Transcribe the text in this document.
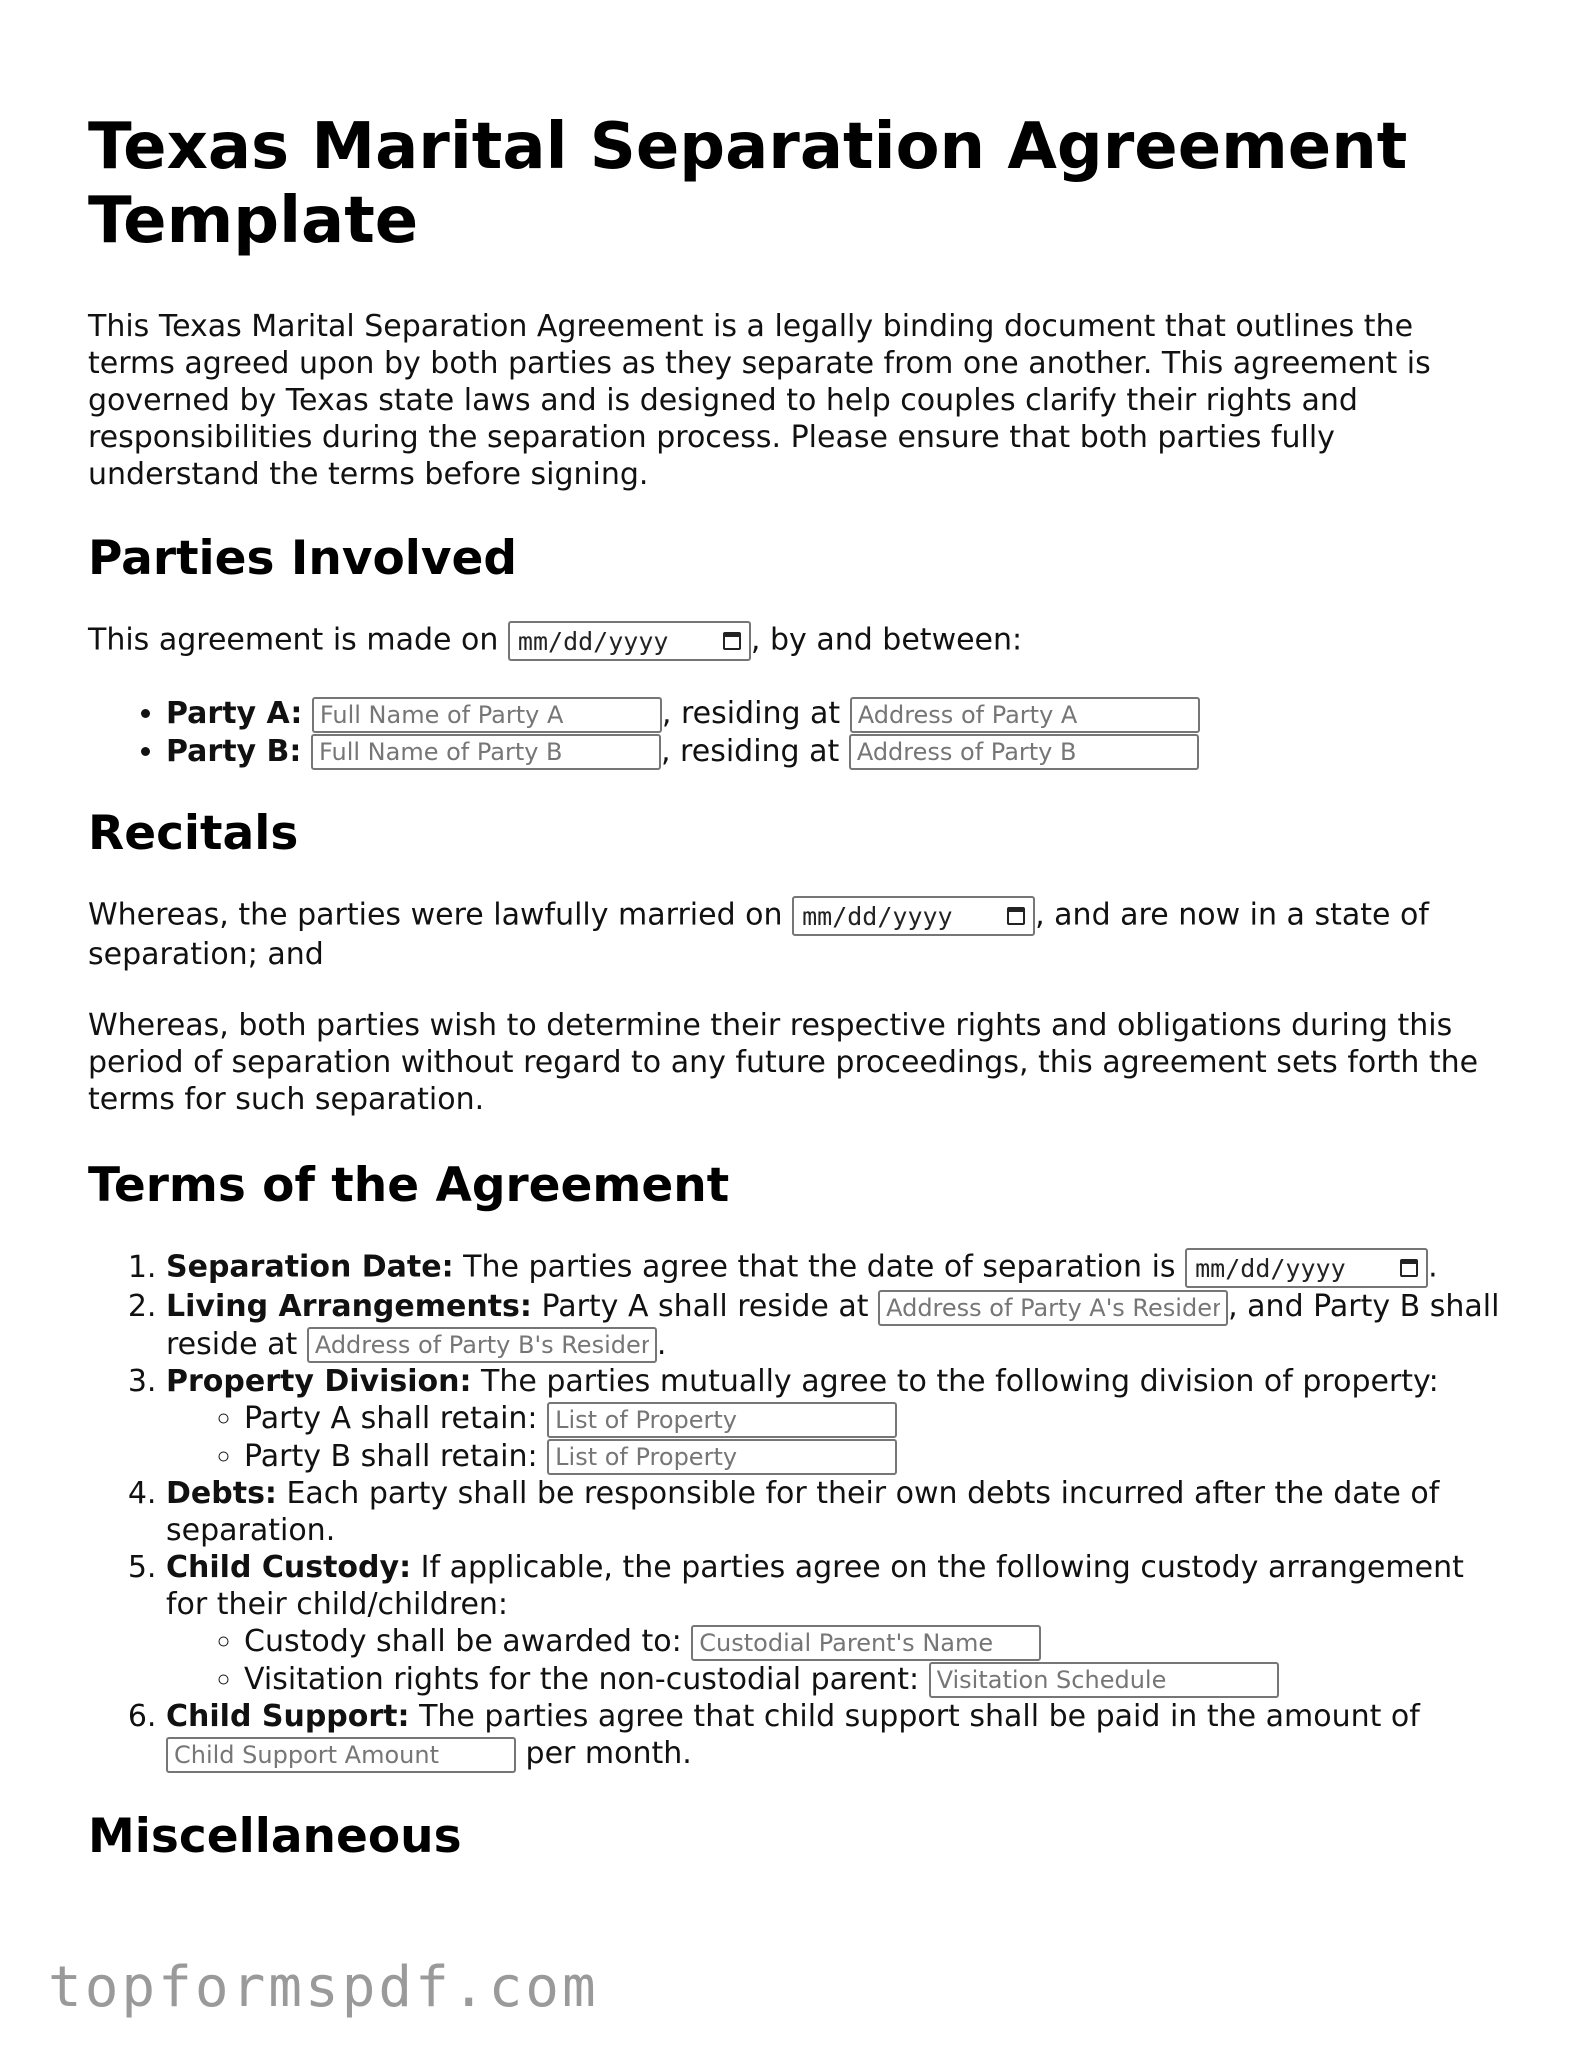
Texas Marital Separation Agreement Template

This Texas Marital Separation Agreement is a legally binding document that outlines the terms agreed upon by both parties as they separate from one another. This agreement is governed by Texas state laws and is designed to help couples clarify their rights and responsibilities during the separation process. Please ensure that both parties fully understand the terms before signing.

Parties Involved

This agreement is made on mm/dd/yyyy	, by and between:

• Party A: Full Name of Party A	, residing at Address of Party A
• Party B: Full Name of Party B	, residing at Address of Party B
Recitals

Whereas, the parties were lawfully married on mm/dd/yyyy	, and are now in a state of separation; and

Whereas, both parties wish to determine their respective rights and obligations during this period of separation without regard to any future proceedings, this agreement sets forth the terms for such separation.

Terms of the Agreement
1. Separation Date: The parties agree that the date of separation is mm/dd/yyyy	.
2. Living Arrangements: Party A shall reside at Address of Party A's Residence	, and Party B shall reside at Address of Party B's Residence	.
3. Property Division: The parties mutually agree to the following division of property:
◦ Party A shall retain: List of Property
◦ Party B shall retain: List of Property
4. Debts: Each party shall be responsible for their own debts incurred after the date of separation.
5. Child Custody: If applicable, the parties agree on the following custody arrangement for their child/children:
◦ Custody shall be awarded to: Custodial Parent's Name
◦ Visitation rights for the non-custodial parent: Visitation Schedule
6. Child Support: The parties agree that child support shall be paid in the amount of Child Support Amount per month.
Miscellaneous
topformspdf.com
